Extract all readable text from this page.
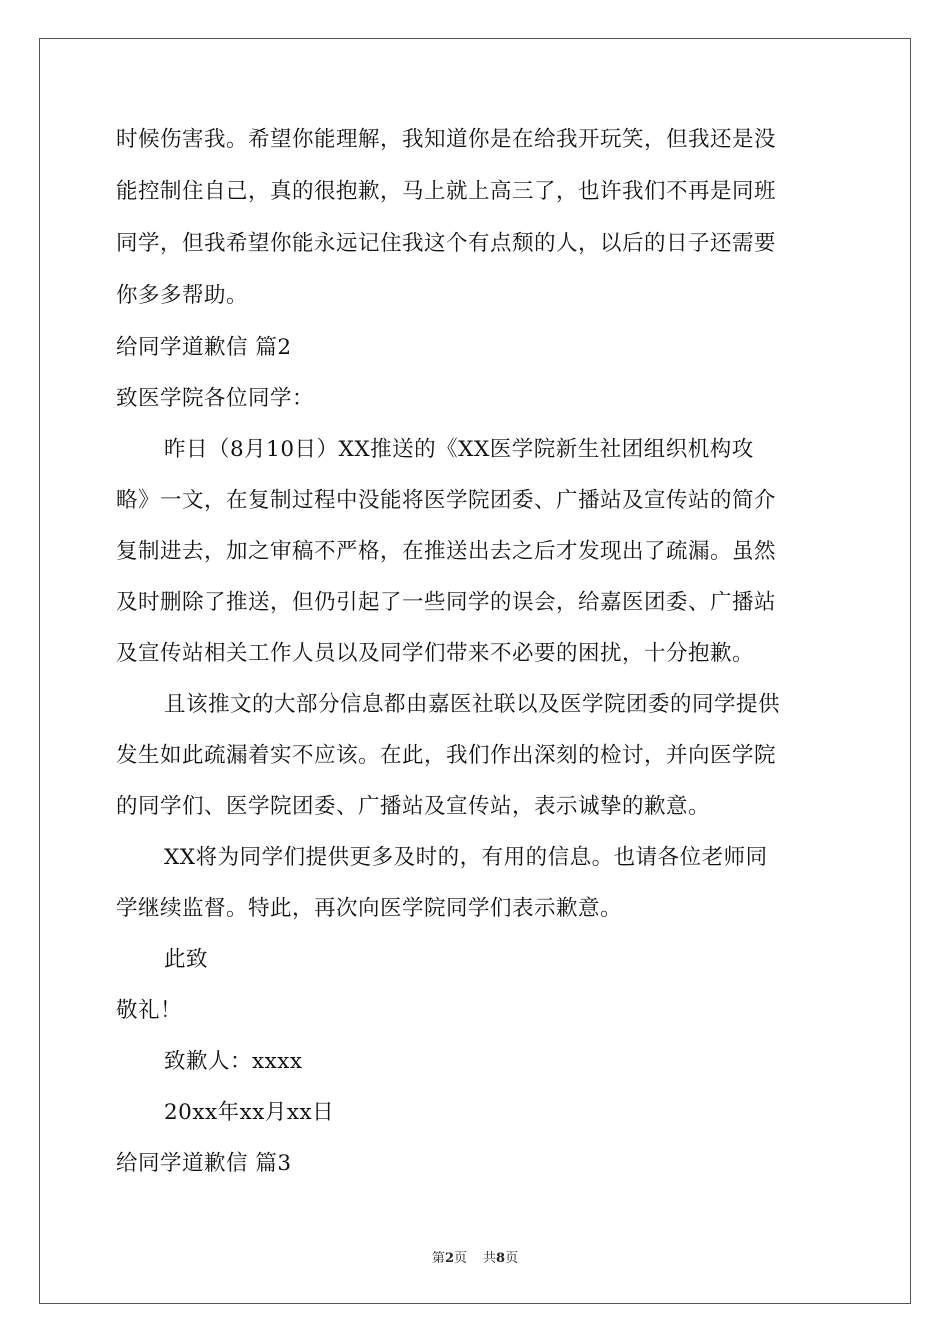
时候伤害我。希望你能理解，我知道你是在给我开玩笑，但我还是没
能控制住自己，真的很抱歉，马上就上高三了，也许我们不再是同班
同学，但我希望你能永远记住我这个有点颓的人，以后的日子还需要
你多多帮助。
给同学道歉信 篇2
致医学院各位同学：
昨日（8月10日）XX推送的《XX医学院新生社团组织机构攻
略》一文，在复制过程中没能将医学院团委、广播站及宣传站的简介
复制进去，加之审稿不严格，在推送出去之后才发现出了疏漏。虽然
及时删除了推送，但仍引起了一些同学的误会，给嘉医团委、广播站
及宣传站相关工作人员以及同学们带来不必要的困扰，十分抱歉。
且该推文的大部分信息都由嘉医社联以及医学院团委的同学提供
发生如此疏漏着实不应该。在此，我们作出深刻的检讨，并向医学院
的同学们、医学院团委、广播站及宣传站，表示诚挚的歉意。
XX将为同学们提供更多及时的，有用的信息。也请各位老师同
学继续监督。特此，再次向医学院同学们表示歉意。
此致
敬礼！
致歉人：xxxx
20xx年xx月xx日
给同学道歉信 篇3
第2页 共8页
